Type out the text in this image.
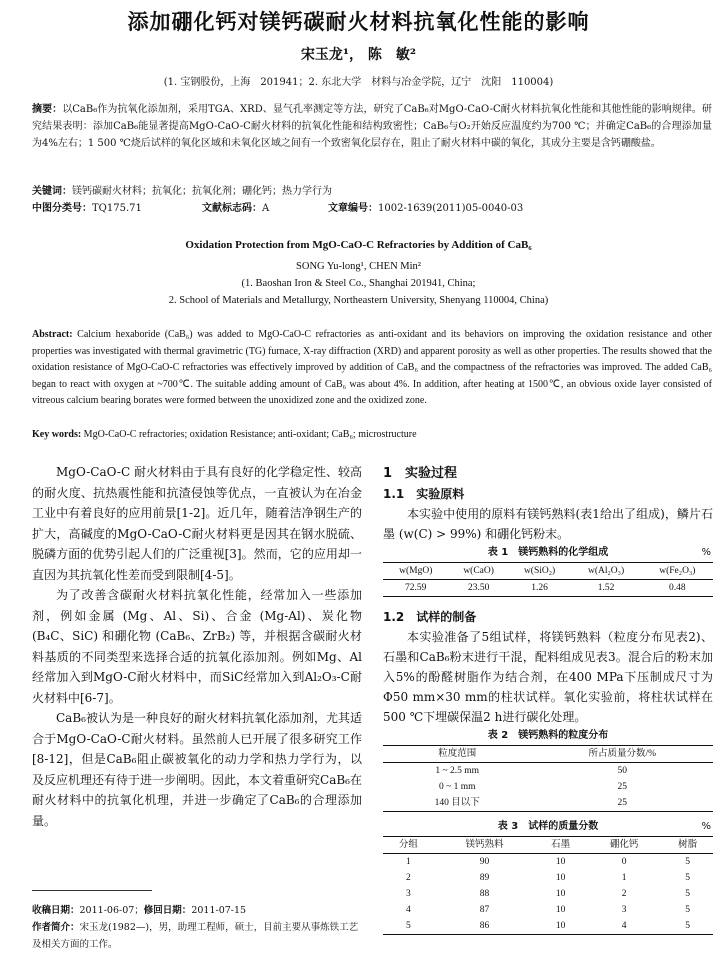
添加硼化钙对镁钙碳耐火材料抗氧化性能的影响
宋玉龙¹， 陈　敏²
(1. 宝钢股份，上海　201941；2. 东北大学　材料与冶金学院，辽宁　沈阳　110004)
摘要：以CaB₆作为抗氧化添加剂，采用TGA、XRD、显气孔率测定等方法，研究了CaB₆对MgO-CaO-C耐火材料抗氧化性能和其他性能的影响规律。研究结果表明：添加CaB₆能显著提高MgO-CaO-C耐火材料的抗氧化性能和结构致密性；CaB₆与O₂开始反应温度约为700 ℃；并确定CaB₆的合理添加量为4%左右；1 500 ℃烧后试样的氧化区域和未氧化区域之间有一个致密氧化层存在，阻止了耐火材料中碳的氧化，其成分主要是含钙硼酸盐。
关键词：镁钙碳耐火材料；抗氧化；抗氧化剂；硼化钙；热力学行为
中图分类号：TQ175.71	文献标志码：A	文章编号：1002-1639(2011)05-0040-03
Oxidation Protection from MgO-CaO-C Refractories by Addition of CaB₆
SONG Yu-long¹, CHEN Min²
(1. Baoshan Iron & Steel Co., Shanghai 201941, China;
2. School of Materials and Metallurgy, Northeastern University, Shenyang 110004, China)
Abstract: Calcium hexaboride (CaB₆) was added to MgO-CaO-C refractories as anti-oxidant and its behaviors on improving the oxidation resistance and other properties was investigated with thermal gravimetric (TG) furnace, X-ray diffraction (XRD) and apparent porosity as well as other properties. The results showed that the oxidation resistance of MgO-CaO-C refractories was effectively improved by addition of CaB₆ and the compactness of the refractories was improved. The added CaB₆ began to react with oxygen at ~700℃. The suitable adding amount of CaB₆ was about 4%. In addition, after heating at 1500℃, an obvious oxide layer consisted of vitreous calcium bearing borates were formed between the unoxidized zone and the oxidized zone.
Key words: MgO-CaO-C refractories; oxidation Resistance; anti-oxidant; CaB₆; microstructure

MgO-CaO-C 耐火材料由于具有良好的化学稳定性、较高的耐火度、抗热震性能和抗渣侵蚀等优点，一直被认为在冶金工业中有着良好的应用前景[1-2]。近几年，随着洁净钢生产的扩大，高碱度的MgO-CaO-C耐火材料更是因其在钢水脱硫、脱磷方面的优势引起人们的广泛重视[3]。然而，它的应用却一直因为其抗氧化性差而受到限制[4-5]。

为了改善含碳耐火材料抗氧化性能，经常加入一些添加剂，例如金属 (Mg、Al、Si)、合金 (Mg-Al)、炭化物 (B₄C、SiC) 和硼化物 (CaB₆、ZrB₂) 等，并根据含碳耐火材料基质的不同类型来选择合适的抗氧化添加剂。例如Mg、Al经常加入到MgO-C耐火材料中，而SiC经常加入到Al₂O₃-C耐火材料中[6-7]。

CaB₆被认为是一种良好的耐火材料抗氧化添加剂，尤其适合于MgO-CaO-C耐火材料。虽然前人已开展了很多研究工作[8-12]，但是CaB₆阻止碳被氧化的动力学和热力学行为，以及反应机理还有待于进一步阐明。因此，本文着重研究CaB₆在耐火材料中的抗氧化机理，并进一步确定了CaB₆的合理添加量。

收稿日期：2011-06-07；修回日期：2011-07-15
作者简介：宋玉龙(1982—)，男，助理工程师，硕士，目前主要从事炼铁工艺及相关方面的工作。
1　实验过程
1.1　实验原料

本实验中使用的原料有镁钙熟料(表1给出了组成)，鳞片石墨 (w(C) > 99%) 和硼化钙粉末。

表 1　镁钙熟料的化学组成	%
w(MgO)	w(CaO)	w(SiO₂)	w(Al₂O₃)	w(Fe₂O₃)
72.59	23.50	1.26	1.52	0.48
1.2　试样的制备

本实验准备了5组试样，将镁钙熟料（粒度分布见表2)、石墨和CaB₆粉末进行干混，配料组成见表3。混合后的粉末加入5%的酚醛树脂作为结合剂，在400 MPa下压制成尺寸为Φ50 mm×30 mm的柱状试样。氧化实验前，将柱状试样在500 ℃下埋碳保温2 h进行碳化处理。

表 2　镁钙熟料的粒度分布
粒度范围	所占质量分数/%
1 ~ 2.5 mm	50
0 ~ 1 mm	25
140 目以下	25
表 3　试样的质量分数	%
分组	镁钙熟料	石墨	硼化钙	树脂
1	90	10	0	5
2	89	10	1	5
3	88	10	2	5
4	87	10	3	5
5	86	10	4	5
